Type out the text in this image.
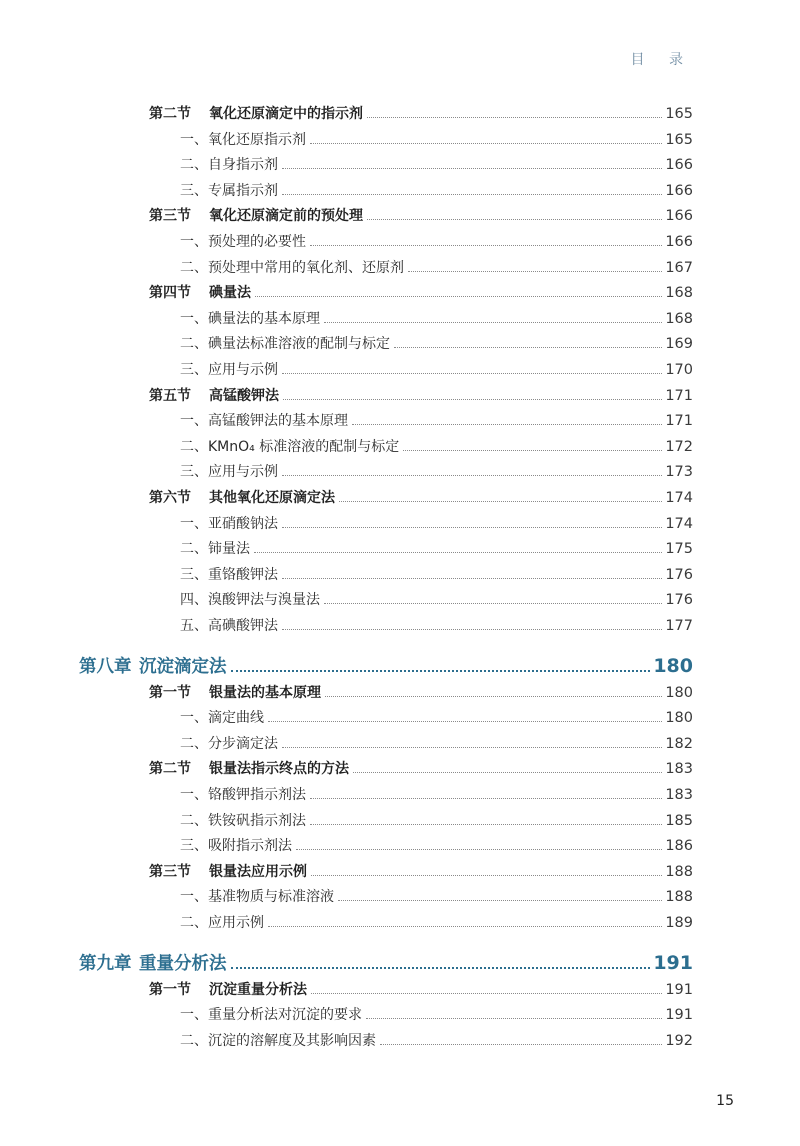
目 录
第二节	氧化还原滴定中的指示剂	165
一、氧化还原指示剂	165
二、自身指示剂	166
三、专属指示剂	166
第三节	氧化还原滴定前的预处理	166
一、预处理的必要性	166
二、预处理中常用的氧化剂、还原剂	167
第四节	碘量法	168
一、碘量法的基本原理	168
二、碘量法标准溶液的配制与标定	169
三、应用与示例	170
第五节	高锰酸钾法	171
一、高锰酸钾法的基本原理	171
二、KMnO₄ 标准溶液的配制与标定	172
三、应用与示例	173
第六节	其他氧化还原滴定法	174
一、亚硝酸钠法	174
二、铈量法	175
三、重铬酸钾法	176
四、溴酸钾法与溴量法	176
五、高碘酸钾法	177
第八章 沉淀滴定法	180
第一节	银量法的基本原理	180
一、滴定曲线	180
二、分步滴定法	182
第二节	银量法指示终点的方法	183
一、铬酸钾指示剂法	183
二、铁铵矾指示剂法	185
三、吸附指示剂法	186
第三节	银量法应用示例	188
一、基准物质与标准溶液	188
二、应用示例	189
第九章 重量分析法	191
第一节	沉淀重量分析法	191
一、重量分析法对沉淀的要求	191
二、沉淀的溶解度及其影响因素	192
15
